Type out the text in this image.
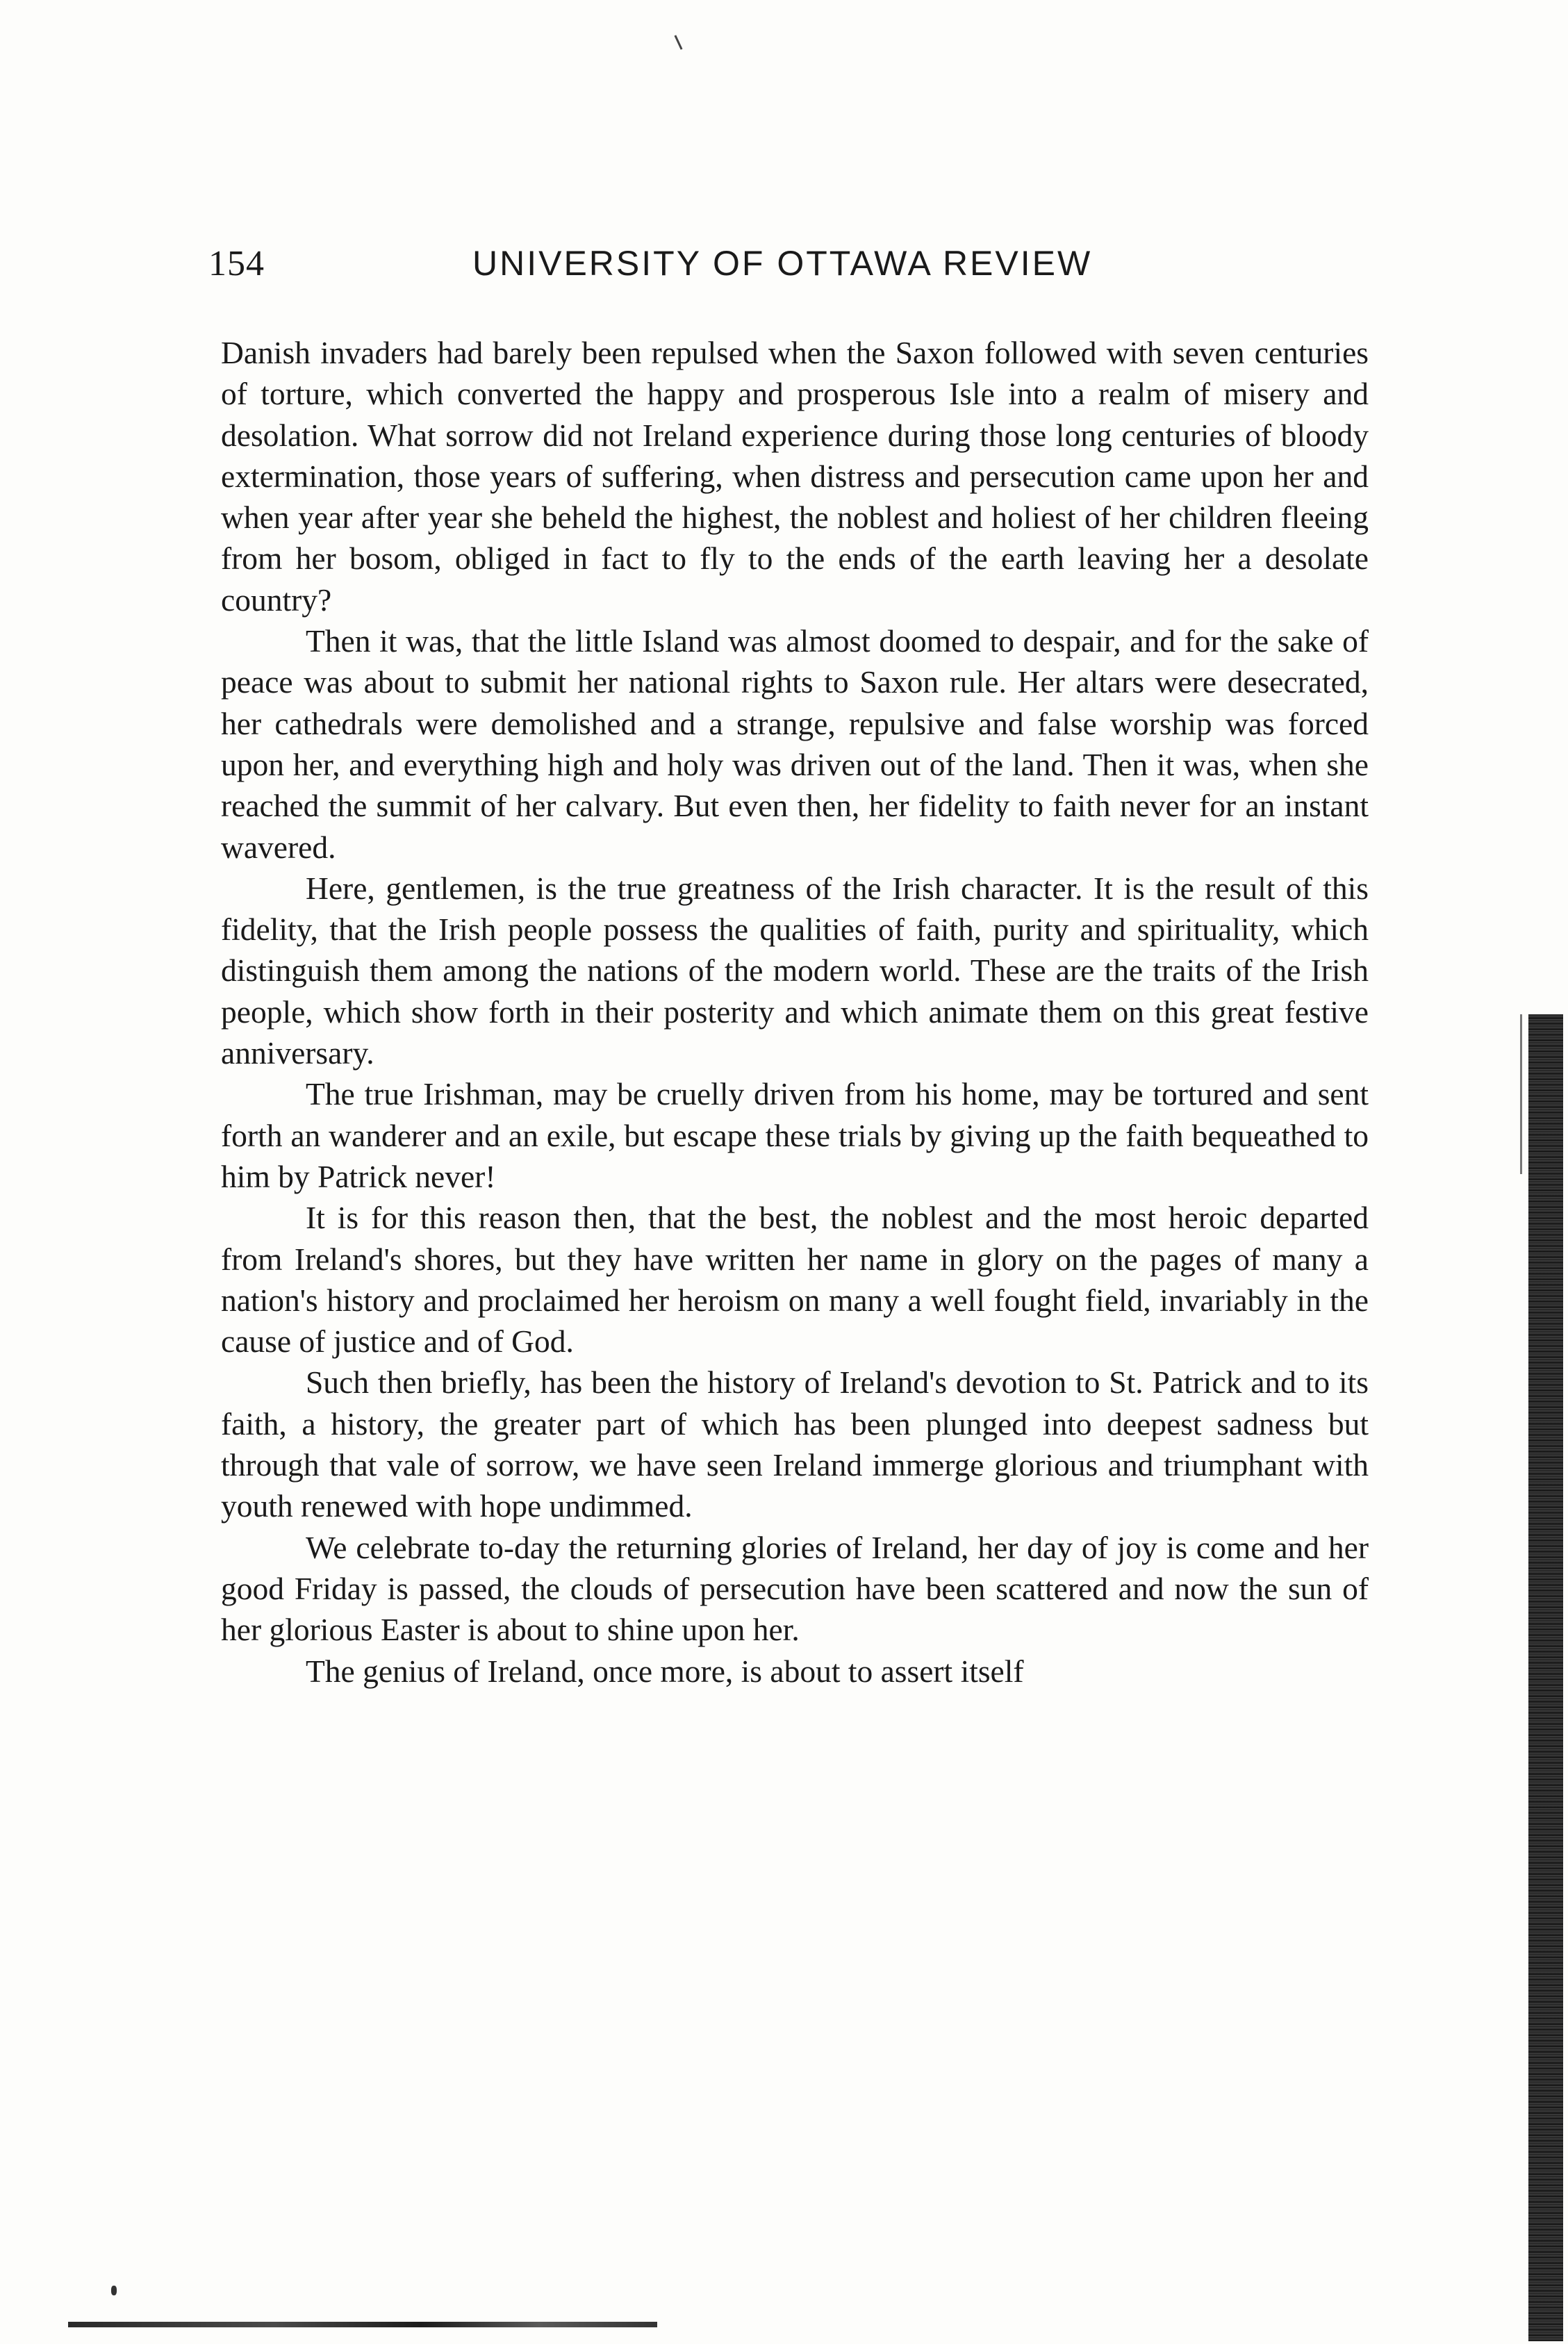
154	UNIVERSITY OF OTTAWA REVIEW

Danish invaders had barely been repulsed when the Saxon followed with seven centuries of torture, which converted the happy and prosperous Isle into a realm of misery and desolation. What sorrow did not Ireland experience during those long centuries of bloody extermination, those years of suffering, when distress and persecution came upon her and when year after year she beheld the highest, the noblest and holiest of her children fleeing from her bosom, obliged in fact to fly to the ends of the earth leaving her a desolate country?

Then it was, that the little Island was almost doomed to despair, and for the sake of peace was about to submit her national rights to Saxon rule. Her altars were desecrated, her cathedrals were demolished and a strange, repulsive and false worship was forced upon her, and everything high and holy was driven out of the land. Then it was, when she reached the summit of her calvary. But even then, her fidelity to faith never for an instant wavered.

Here, gentlemen, is the true greatness of the Irish character. It is the result of this fidelity, that the Irish people possess the qualities of faith, purity and spirituality, which distinguish them among the nations of the modern world. These are the traits of the Irish people, which show forth in their posterity and which animate them on this great festive anniversary.

The true Irishman, may be cruelly driven from his home, may be tortured and sent forth an wanderer and an exile, but escape these trials by giving up the faith bequeathed to him by Patrick never!

It is for this reason then, that the best, the noblest and the most heroic departed from Ireland's shores, but they have written her name in glory on the pages of many a nation's history and proclaimed her heroism on many a well fought field, invariably in the cause of justice and of God.

Such then briefly, has been the history of Ireland's devotion to St. Patrick and to its faith, a history, the greater part of which has been plunged into deepest sadness but through that vale of sorrow, we have seen Ireland immerge glorious and triumphant with youth renewed with hope undimmed.

We celebrate to-day the returning glories of Ireland, her day of joy is come and her good Friday is passed, the clouds of persecution have been scattered and now the sun of her glorious Easter is about to shine upon her.

The genius of Ireland, once more, is about to assert itself
